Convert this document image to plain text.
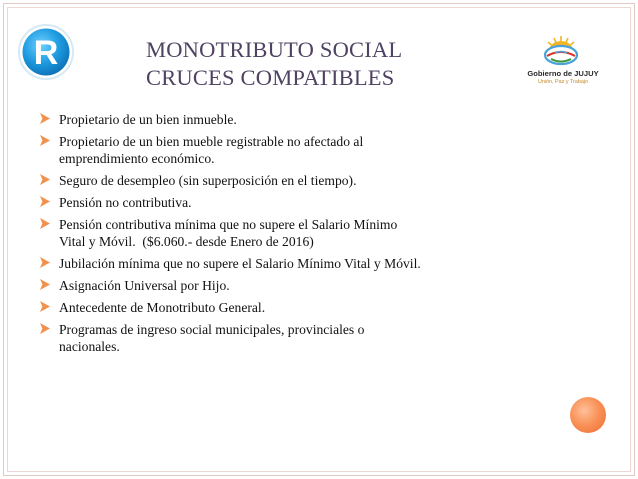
R	MONOTRIBUTO SOCIAL
CRUCES COMPATIBLES	Gobierno de JUJUY
Unión, Paz y Trabajo
Propietario de un bien inmueble.
Propietario de un bien mueble registrable no afectado al
emprendimiento económico.
Seguro de desempleo (sin superposición en el tiempo).
Pensión no contributiva.
Pensión contributiva mínima que no supere el Salario Mínimo
Vital y Móvil.  ($6.060.- desde Enero de 2016)
Jubilación mínima que no supere el Salario Mínimo Vital y Móvil.
Asignación Universal por Hijo.
Antecedente de Monotributo General.
Programas de ingreso social municipales, provinciales o
nacionales.
